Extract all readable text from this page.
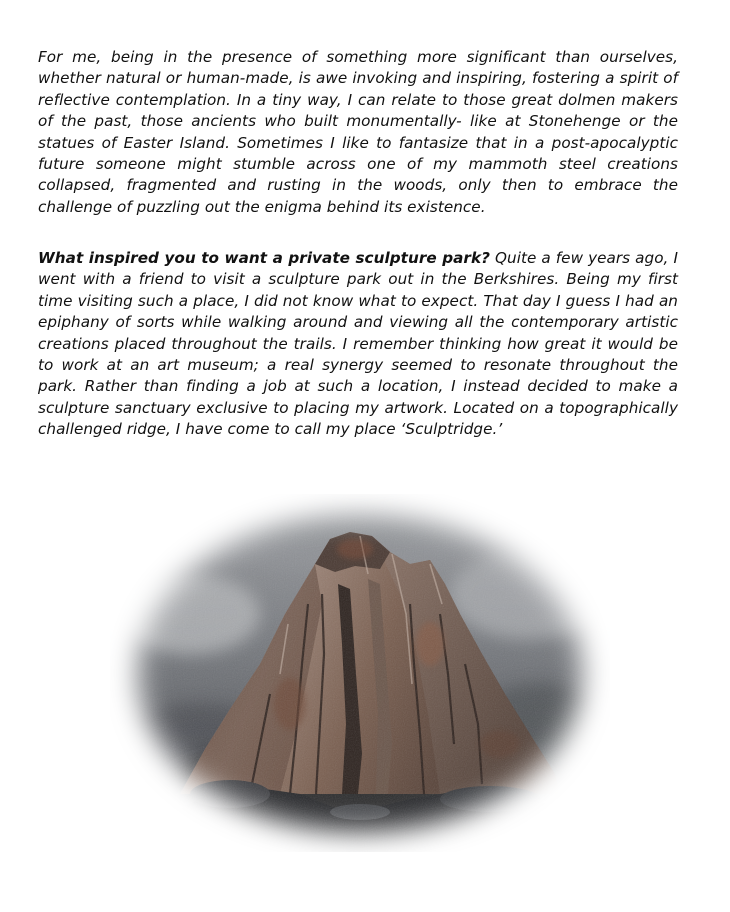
For me, being in the presence of something more significant than ourselves, whether natural or human-made, is awe invoking and inspiring, fostering a spirit of reflective contemplation. In a tiny way, I can relate to those great dolmen makers of the past, those ancients who built monumentally- like at Stonehenge or the statues of Easter Island. Sometimes I like to fantasize that in a post-apocalyptic future someone might stumble across one of my mammoth steel creations collapsed, fragmented and rusting in the woods, only then to embrace the challenge of puzzling out the enigma behind its existence.

What inspired you to want a private sculpture park? Quite a few years ago, I went with a friend to visit a sculpture park out in the Berkshires. Being my first time visiting such a place, I did not know what to expect. That day I guess I had an epiphany of sorts while walking around and viewing all the contemporary artistic creations placed throughout the trails. I remember thinking how great it would be to work at an art museum; a real synergy seemed to resonate throughout the park. Rather than finding a job at such a location, I instead decided to make a sculpture sanctuary exclusive to placing my artwork. Located on a topographically challenged ridge, I have come to call my place ‘Sculptridge.’
